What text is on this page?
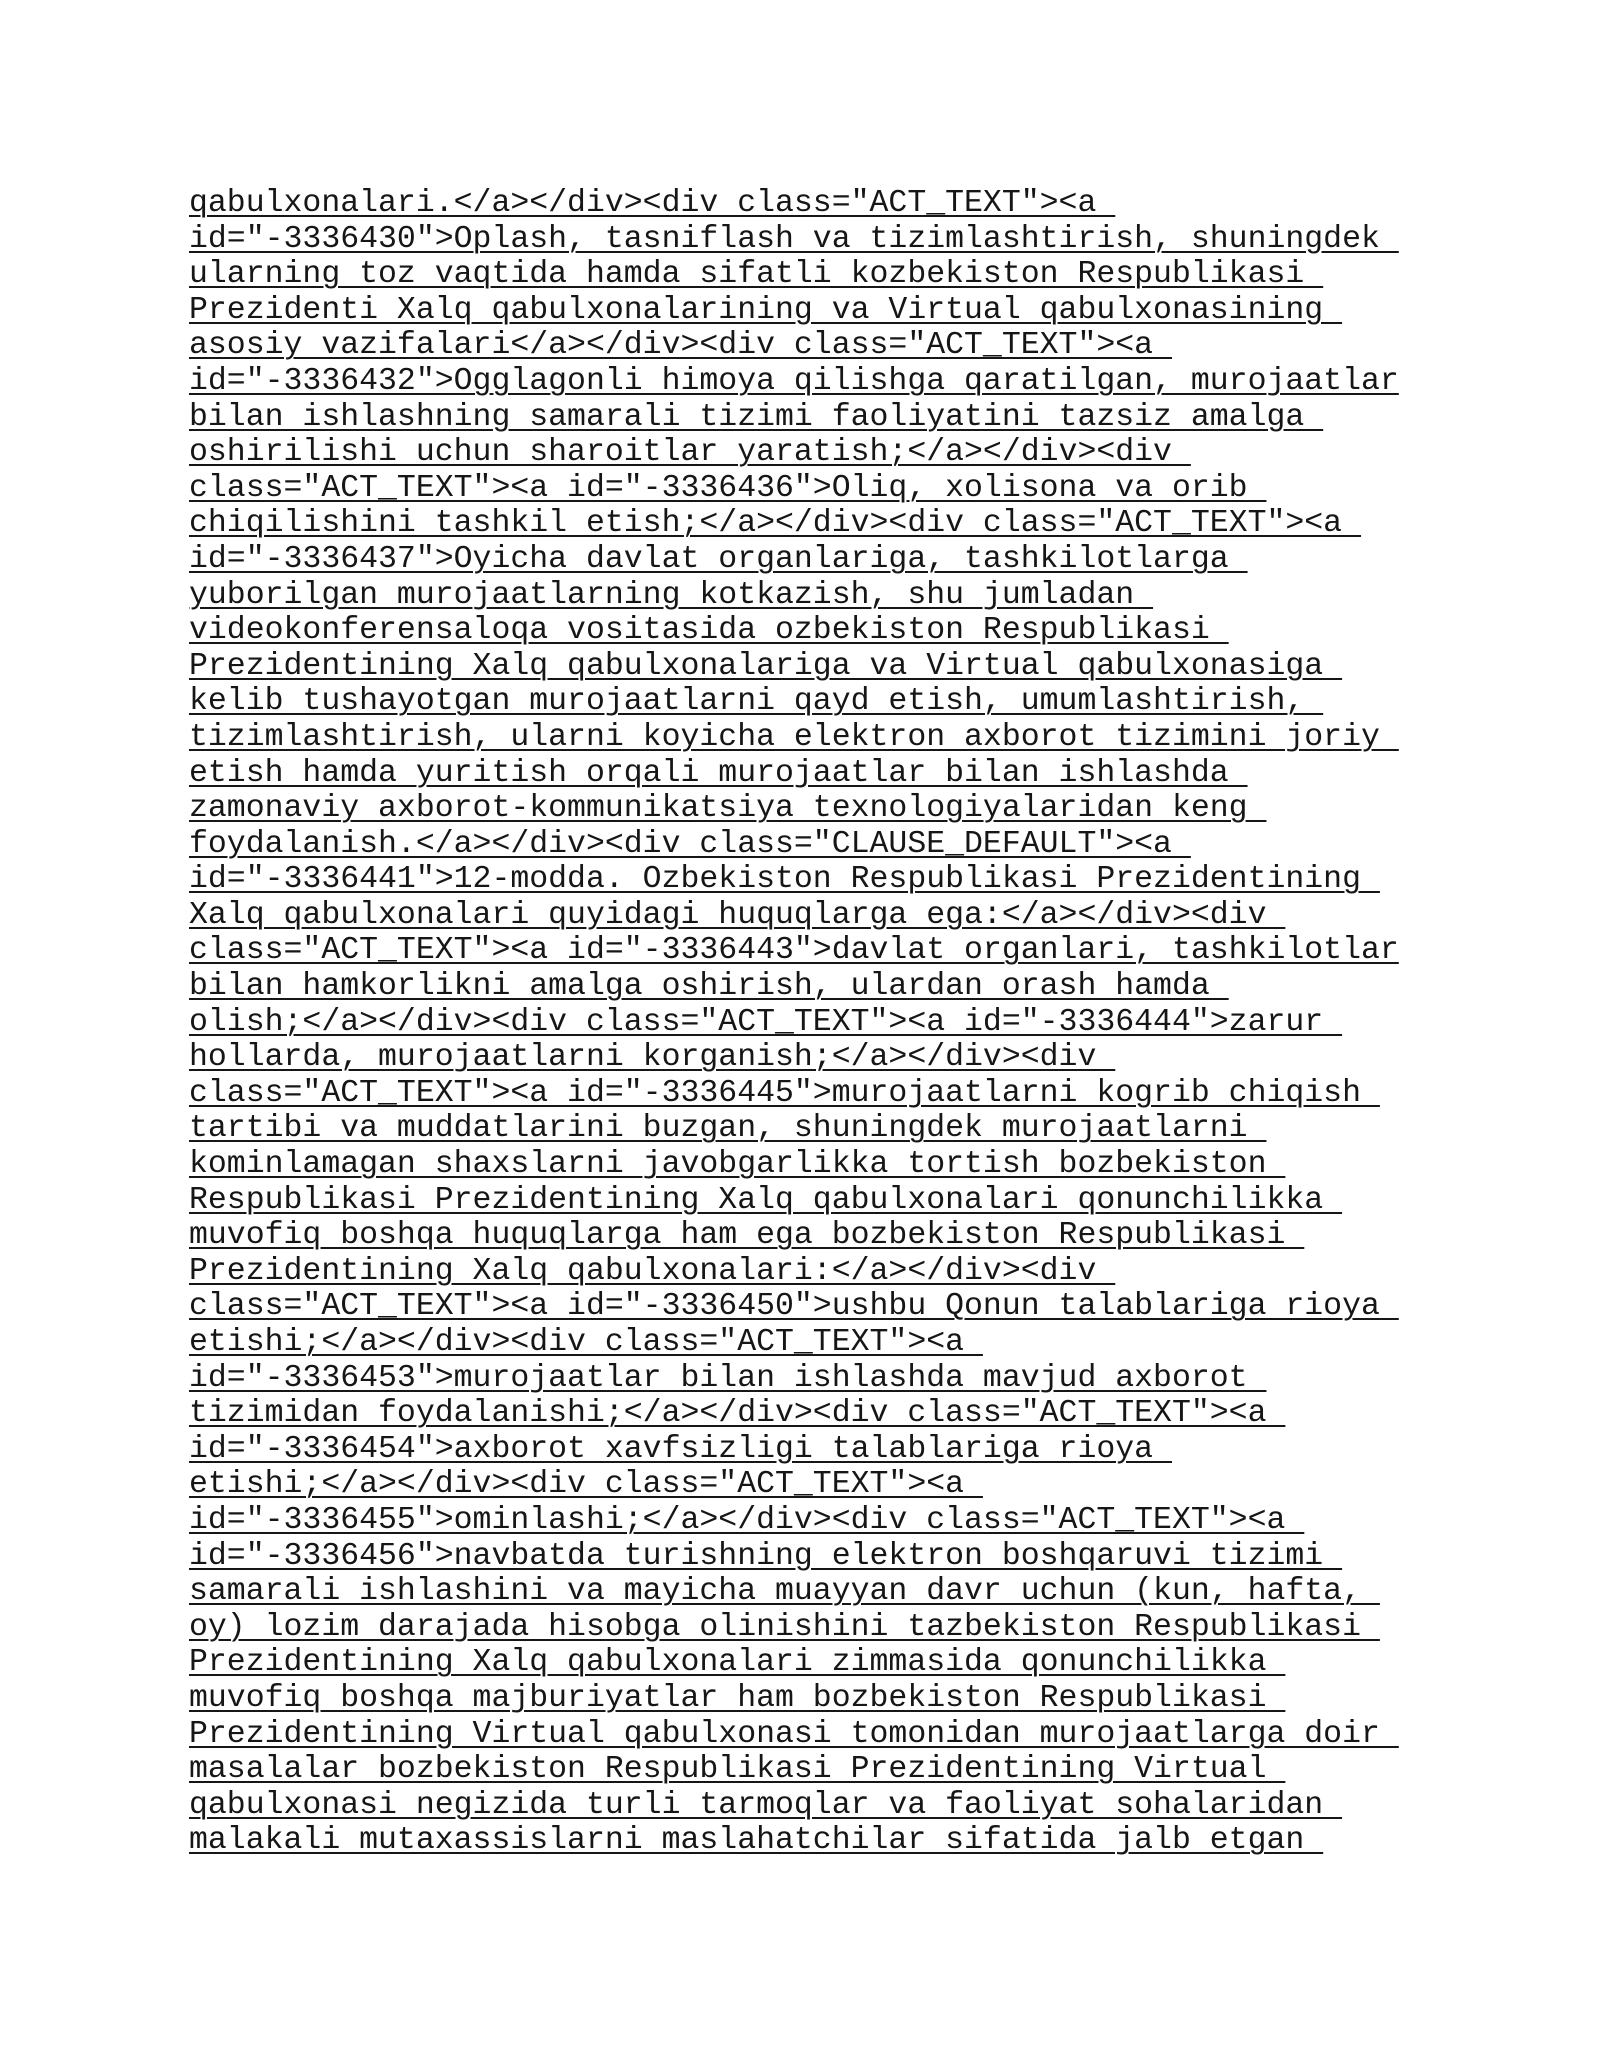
qabulxonalari.</a></div><div class="ACT_TEXT"><a
id="-3336430">Oplash, tasniflash va tizimlashtirish, shuningdek
ularning toz vaqtida hamda sifatli kozbekiston Respublikasi
Prezidenti Xalq qabulxonalarining va Virtual qabulxonasining
asosiy vazifalari</a></div><div class="ACT_TEXT"><a
id="-3336432">Ogglagonli himoya qilishga qaratilgan, murojaatlar
bilan ishlashning samarali tizimi faoliyatini tazsiz amalga
oshirilishi uchun sharoitlar yaratish;</a></div><div
class="ACT_TEXT"><a id="-3336436">Oliq, xolisona va orib
chiqilishini tashkil etish;</a></div><div class="ACT_TEXT"><a
id="-3336437">Oyicha davlat organlariga, tashkilotlarga
yuborilgan murojaatlarning kotkazish, shu jumladan
videokonferensaloqa vositasida ozbekiston Respublikasi
Prezidentining Xalq qabulxonalariga va Virtual qabulxonasiga
kelib tushayotgan murojaatlarni qayd etish, umumlashtirish,
tizimlashtirish, ularni koyicha elektron axborot tizimini joriy
etish hamda yuritish orqali murojaatlar bilan ishlashda
zamonaviy axborot-kommunikatsiya texnologiyalaridan keng
foydalanish.</a></div><div class="CLAUSE_DEFAULT"><a
id="-3336441">12-modda. Ozbekiston Respublikasi Prezidentining
Xalq qabulxonalari quyidagi huquqlarga ega:</a></div><div
class="ACT_TEXT"><a id="-3336443">davlat organlari, tashkilotlar
bilan hamkorlikni amalga oshirish, ulardan orash hamda
olish;</a></div><div class="ACT_TEXT"><a id="-3336444">zarur
hollarda, murojaatlarni korganish;</a></div><div
class="ACT_TEXT"><a id="-3336445">murojaatlarni kogrib chiqish
tartibi va muddatlarini buzgan, shuningdek murojaatlarni
kominlamagan shaxslarni javobgarlikka tortish bozbekiston
Respublikasi Prezidentining Xalq qabulxonalari qonunchilikka
muvofiq boshqa huquqlarga ham ega bozbekiston Respublikasi
Prezidentining Xalq qabulxonalari:</a></div><div
class="ACT_TEXT"><a id="-3336450">ushbu Qonun talablariga rioya
etishi;</a></div><div class="ACT_TEXT"><a
id="-3336453">murojaatlar bilan ishlashda mavjud axborot
tizimidan foydalanishi;</a></div><div class="ACT_TEXT"><a
id="-3336454">axborot xavfsizligi talablariga rioya
etishi;</a></div><div class="ACT_TEXT"><a
id="-3336455">ominlashi;</a></div><div class="ACT_TEXT"><a
id="-3336456">navbatda turishning elektron boshqaruvi tizimi
samarali ishlashini va mayicha muayyan davr uchun (kun, hafta,
oy) lozim darajada hisobga olinishini tazbekiston Respublikasi
Prezidentining Xalq qabulxonalari zimmasida qonunchilikka
muvofiq boshqa majburiyatlar ham bozbekiston Respublikasi
Prezidentining Virtual qabulxonasi tomonidan murojaatlarga doir
masalalar bozbekiston Respublikasi Prezidentining Virtual
qabulxonasi negizida turli tarmoqlar va faoliyat sohalaridan
malakali mutaxassislarni maslahatchilar sifatida jalb etgan
